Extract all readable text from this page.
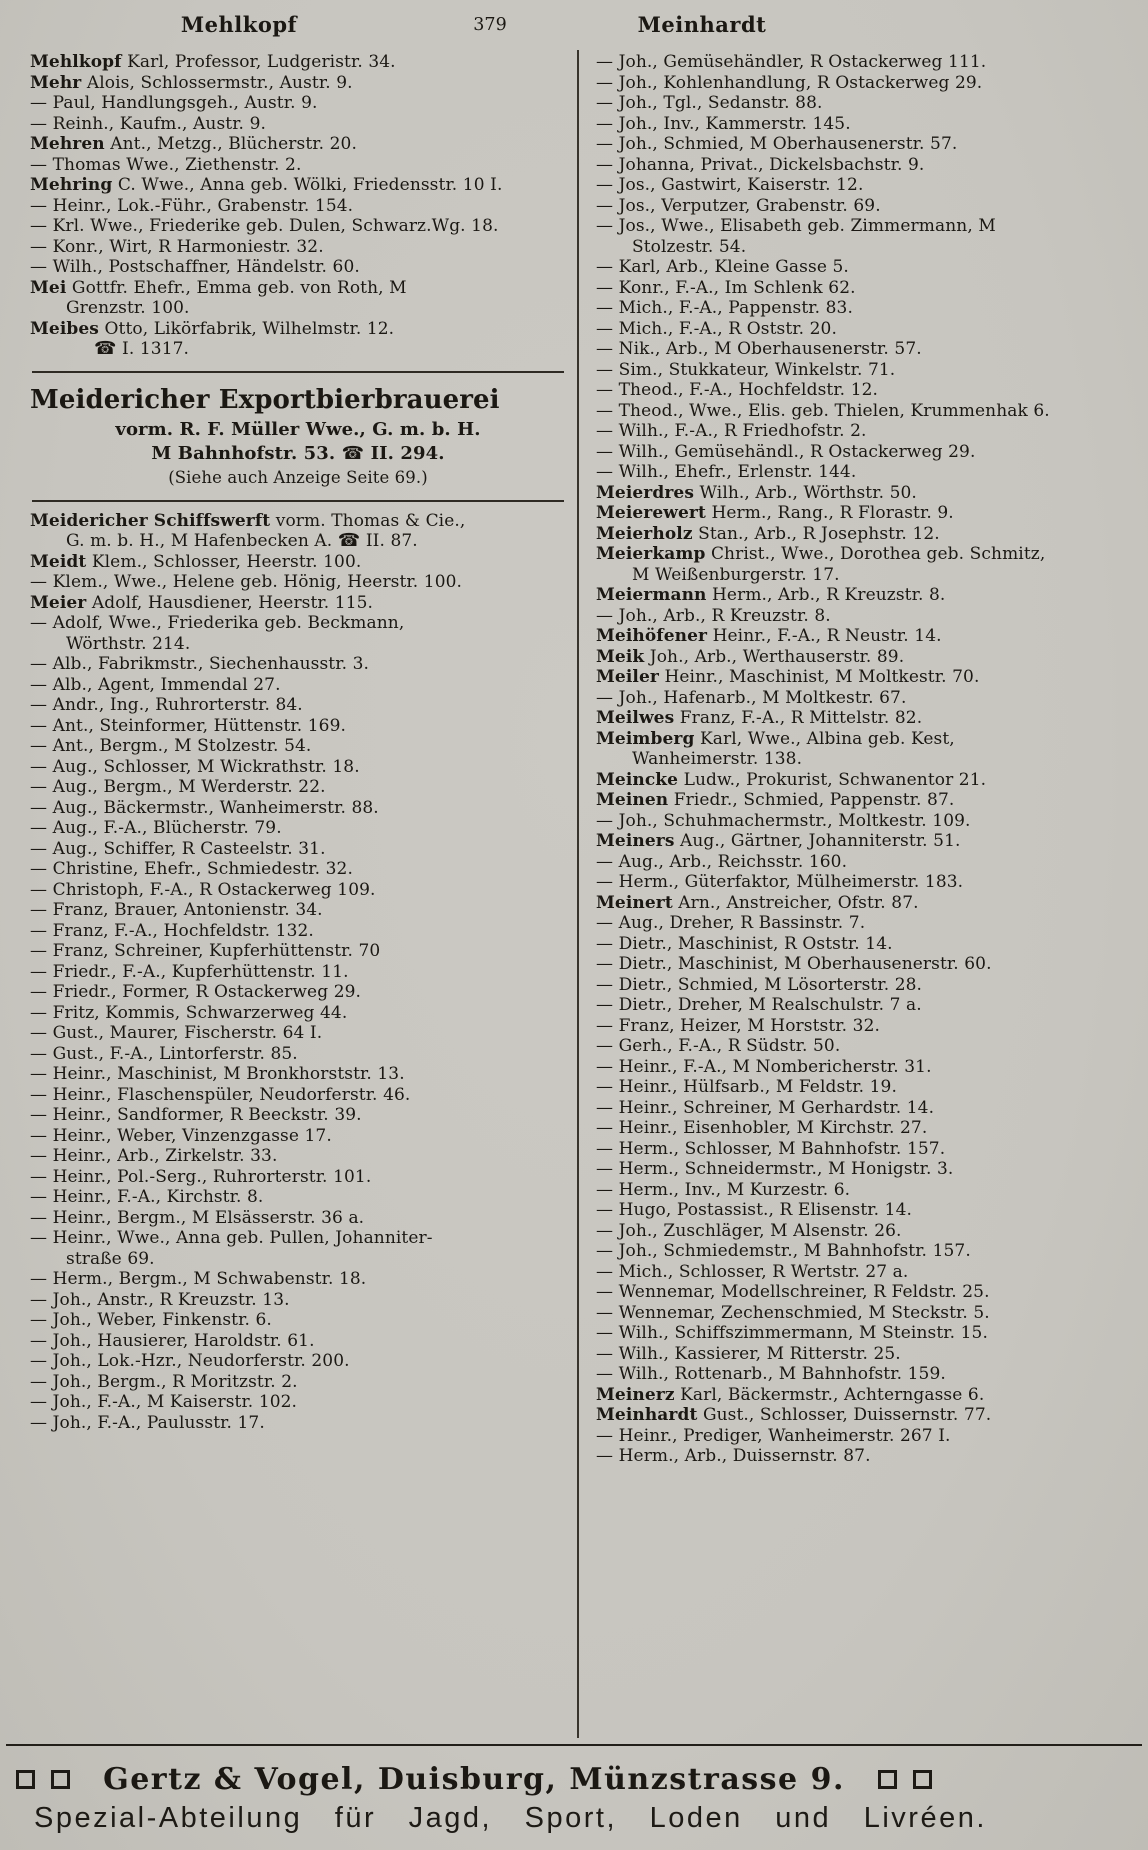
Mehlkopf	379	Meinhardt
Mehlkopf Karl, Professor, Ludgeristr. 34.
Mehr Alois, Schlossermstr., Austr. 9.
— Paul, Handlungsgeh., Austr. 9.
— Reinh., Kaufm., Austr. 9.
Mehren Ant., Metzg., Blücherstr. 20.
— Thomas Wwe., Ziethenstr. 2.
Mehring C. Wwe., Anna geb. Wölki, Friedensstr. 10 I.
— Heinr., Lok.-Führ., Grabenstr. 154.
— Krl. Wwe., Friederike geb. Dulen, Schwarz.Wg. 18.
— Konr., Wirt, R Harmoniestr. 32.
— Wilh., Postschaffner, Händelstr. 60.
Mei Gottfr. Ehefr., Emma geb. von Roth, M
Grenzstr. 100.
Meibes Otto, Likörfabrik, Wilhelmstr. 12.
☎ I. 1317.
Meidericher Exportbierbrauerei
vorm. R. F. Müller Wwe., G. m. b. H.
M Bahnhofstr. 53. ☎ II. 294.
(Siehe auch Anzeige Seite 69.)
Meidericher Schiffswerft vorm. Thomas & Cie.,
G. m. b. H., M Hafenbecken A. ☎ II. 87.
Meidt Klem., Schlosser, Heerstr. 100.
— Klem., Wwe., Helene geb. Hönig, Heerstr. 100.
Meier Adolf, Hausdiener, Heerstr. 115.
— Adolf, Wwe., Friederika geb. Beckmann,
Wörthstr. 214.
— Alb., Fabrikmstr., Siechenhausstr. 3.
— Alb., Agent, Immendal 27.
— Andr., Ing., Ruhrorterstr. 84.
— Ant., Steinformer, Hüttenstr. 169.
— Ant., Bergm., M Stolzestr. 54.
— Aug., Schlosser, M Wickrathstr. 18.
— Aug., Bergm., M Werderstr. 22.
— Aug., Bäckermstr., Wanheimerstr. 88.
— Aug., F.-A., Blücherstr. 79.
— Aug., Schiffer, R Casteelstr. 31.
— Christine, Ehefr., Schmiedestr. 32.
— Christoph, F.-A., R Ostackerweg 109.
— Franz, Brauer, Antonienstr. 34.
— Franz, F.-A., Hochfeldstr. 132.
— Franz, Schreiner, Kupferhüttenstr. 70
— Friedr., F.-A., Kupferhüttenstr. 11.
— Friedr., Former, R Ostackerweg 29.
— Fritz, Kommis, Schwarzerweg 44.
— Gust., Maurer, Fischerstr. 64 I.
— Gust., F.-A., Lintorferstr. 85.
— Heinr., Maschinist, M Bronkhorststr. 13.
— Heinr., Flaschenspüler, Neudorferstr. 46.
— Heinr., Sandformer, R Beeckstr. 39.
— Heinr., Weber, Vinzenzgasse 17.
— Heinr., Arb., Zirkelstr. 33.
— Heinr., Pol.-Serg., Ruhrorterstr. 101.
— Heinr., F.-A., Kirchstr. 8.
— Heinr., Bergm., M Elsässerstr. 36 a.
— Heinr., Wwe., Anna geb. Pullen, Johanniter-
straße 69.
— Herm., Bergm., M Schwabenstr. 18.
— Joh., Anstr., R Kreuzstr. 13.
— Joh., Weber, Finkenstr. 6.
— Joh., Hausierer, Haroldstr. 61.
— Joh., Lok.-Hzr., Neudorferstr. 200.
— Joh., Bergm., R Moritzstr. 2.
— Joh., F.-A., M Kaiserstr. 102.
— Joh., F.-A., Paulusstr. 17.
— Joh., Gemüsehändler, R Ostackerweg 111.
— Joh., Kohlenhandlung, R Ostackerweg 29.
— Joh., Tgl., Sedanstr. 88.
— Joh., Inv., Kammerstr. 145.
— Joh., Schmied, M Oberhausenerstr. 57.
— Johanna, Privat., Dickelsbachstr. 9.
— Jos., Gastwirt, Kaiserstr. 12.
— Jos., Verputzer, Grabenstr. 69.
— Jos., Wwe., Elisabeth geb. Zimmermann, M
Stolzestr. 54.
— Karl, Arb., Kleine Gasse 5.
— Konr., F.-A., Im Schlenk 62.
— Mich., F.-A., Pappenstr. 83.
— Mich., F.-A., R Oststr. 20.
— Nik., Arb., M Oberhausenerstr. 57.
— Sim., Stukkateur, Winkelstr. 71.
— Theod., F.-A., Hochfeldstr. 12.
— Theod., Wwe., Elis. geb. Thielen, Krummenhak 6.
— Wilh., F.-A., R Friedhofstr. 2.
— Wilh., Gemüsehändl., R Ostackerweg 29.
— Wilh., Ehefr., Erlenstr. 144.
Meierdres Wilh., Arb., Wörthstr. 50.
Meierewert Herm., Rang., R Florastr. 9.
Meierholz Stan., Arb., R Josephstr. 12.
Meierkamp Christ., Wwe., Dorothea geb. Schmitz,
M Weißenburgerstr. 17.
Meiermann Herm., Arb., R Kreuzstr. 8.
— Joh., Arb., R Kreuzstr. 8.
Meihöfener Heinr., F.-A., R Neustr. 14.
Meik Joh., Arb., Werthauserstr. 89.
Meiler Heinr., Maschinist, M Moltkestr. 70.
— Joh., Hafenarb., M Moltkestr. 67.
Meilwes Franz, F.-A., R Mittelstr. 82.
Meimberg Karl, Wwe., Albina geb. Kest,
Wanheimerstr. 138.
Meincke Ludw., Prokurist, Schwanentor 21.
Meinen Friedr., Schmied, Pappenstr. 87.
— Joh., Schuhmachermstr., Moltkestr. 109.
Meiners Aug., Gärtner, Johanniterstr. 51.
— Aug., Arb., Reichsstr. 160.
— Herm., Güterfaktor, Mülheimerstr. 183.
Meinert Arn., Anstreicher, Ofstr. 87.
— Aug., Dreher, R Bassinstr. 7.
— Dietr., Maschinist, R Oststr. 14.
— Dietr., Maschinist, M Oberhausenerstr. 60.
— Dietr., Schmied, M Lösorterstr. 28.
— Dietr., Dreher, M Realschulstr. 7 a.
— Franz, Heizer, M Horststr. 32.
— Gerh., F.-A., R Südstr. 50.
— Heinr., F.-A., M Nombericherstr. 31.
— Heinr., Hülfsarb., M Feldstr. 19.
— Heinr., Schreiner, M Gerhardstr. 14.
— Heinr., Eisenhobler, M Kirchstr. 27.
— Herm., Schlosser, M Bahnhofstr. 157.
— Herm., Schneidermstr., M Honigstr. 3.
— Herm., Inv., M Kurzestr. 6.
— Hugo, Postassist., R Elisenstr. 14.
— Joh., Zuschläger, M Alsenstr. 26.
— Joh., Schmiedemstr., M Bahnhofstr. 157.
— Mich., Schlosser, R Wertstr. 27 a.
— Wennemar, Modellschreiner, R Feldstr. 25.
— Wennemar, Zechenschmied, M Steckstr. 5.
— Wilh., Schiffszimmermann, M Steinstr. 15.
— Wilh., Kassierer, M Ritterstr. 25.
— Wilh., Rottenarb., M Bahnhofstr. 159.
Meinerz Karl, Bäckermstr., Achterngasse 6.
Meinhardt Gust., Schlosser, Duissernstr. 77.
— Heinr., Prediger, Wanheimerstr. 267 I.
— Herm., Arb., Duissernstr. 87.
Gertz & Vogel, Duisburg, Münzstrasse 9.
Spezial-Abteilung für Jagd, Sport, Loden und Livréen.
